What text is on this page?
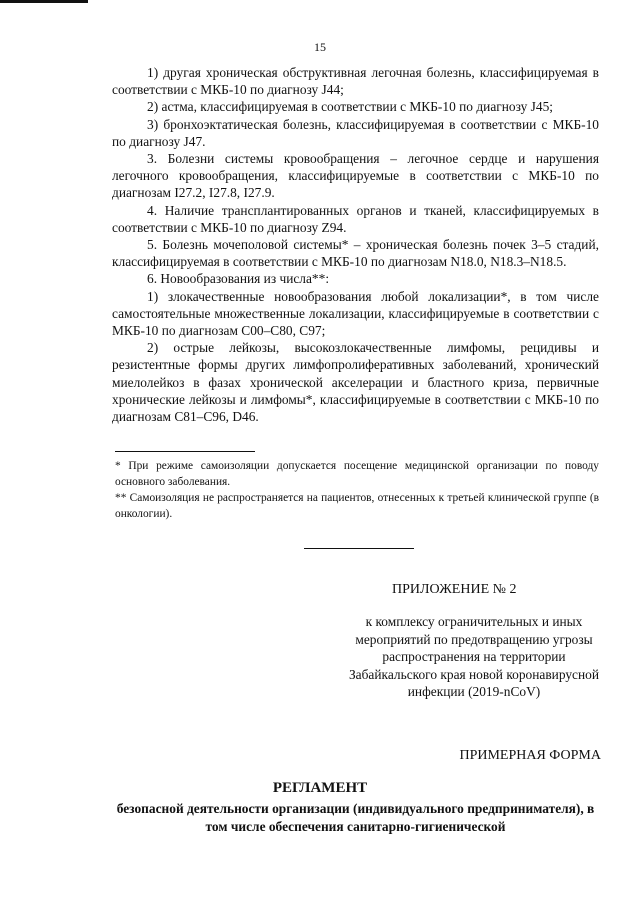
15

1) другая хроническая обструктивная легочная болезнь, классифицируемая в соответствии с МКБ-10 по диагнозу J44;

2) астма, классифицируемая в соответствии с МКБ-10 по диагнозу J45;

3) бронхоэктатическая болезнь, классифицируемая в соответствии с МКБ-10 по диагнозу J47.

3. Болезни системы кровообращения – легочное сердце и нарушения легочного кровообращения, классифицируемые в соответствии с МКБ-10 по диагнозам I27.2, I27.8, I27.9.

4. Наличие трансплантированных органов и тканей, классифицируемых в соответствии с МКБ-10 по диагнозу Z94.

5. Болезнь мочеполовой системы* – хроническая болезнь почек 3–5 стадий, классифицируемая в соответствии с МКБ-10 по диагнозам N18.0, N18.3–N18.5.

6. Новообразования из числа**:

1) злокачественные новообразования любой локализации*, в том числе самостоятельные множественные локализации, классифицируемые в соответствии с МКБ-10 по диагнозам C00–C80, C97;

2) острые лейкозы, высокозлокачественные лимфомы, рецидивы и резистентные формы других лимфопролиферативных заболеваний, хронический миелолейкоз в фазах хронической акселерации и бластного криза, первичные хронические лейкозы и лимфомы*, классифицируемые в соответствии с МКБ-10 по диагнозам C81–C96, D46.

* При режиме самоизоляции допускается посещение медицинской организации по поводу основного заболевания.

** Самоизоляция не распространяется на пациентов, отнесенных к третьей клинической группе (в онкологии).

ПРИЛОЖЕНИЕ № 2
к комплексу ограничительных и иных мероприятий по предотвращению угрозы распространения на территории Забайкальского края новой коронавирусной инфекции (2019-nCoV)
ПРИМЕРНАЯ ФОРМА
РЕГЛАМЕНТ
безопасной деятельности организации (индивидуального предпринимателя), в том числе обеспечения санитарно-гигиенической
